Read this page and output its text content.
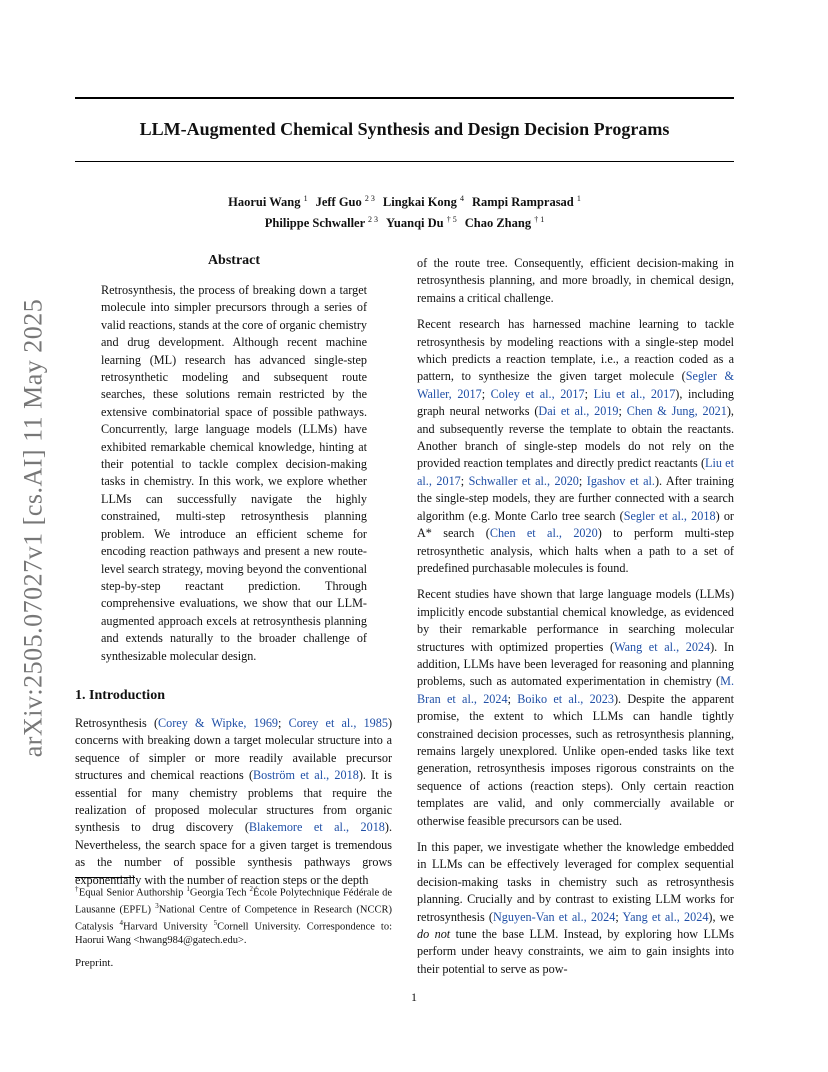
arXiv:2505.07027v1 [cs.AI] 11 May 2025
LLM-Augmented Chemical Synthesis and Design Decision Programs
Haorui Wang $^1$ Jeff Guo $^{2 3}$ Lingkai Kong $^4$ Rampi Ramprasad $^1$
Philippe Schwaller $^{2 3}$ Yuanqi Du $^{\dagger 5}$ Chao Zhang $^{\dagger 1}$
Abstract
Retrosynthesis, the process of breaking down a target molecule into simpler precursors through a series of valid reactions, stands at the core of organic chemistry and drug development. Although recent machine learning (ML) research has advanced single-step retrosynthetic modeling and subsequent route searches, these solutions remain restricted by the extensive combinatorial space of possible pathways. Concurrently, large language models (LLMs) have exhibited remarkable chemical knowledge, hinting at their potential to tackle complex decision-making tasks in chemistry. In this work, we explore whether LLMs can successfully navigate the highly constrained, multi-step retrosynthesis planning problem. We introduce an efficient scheme for encoding reaction pathways and present a new route-level search strategy, moving beyond the conventional step-by-step reactant prediction. Through comprehensive evaluations, we show that our LLM-augmented approach excels at retrosynthesis planning and extends naturally to the broader challenge of synthesizable molecular design.
1. Introduction

Retrosynthesis (Corey & Wipke, 1969; Corey et al., 1985) concerns with breaking down a target molecular structure into a sequence of simpler or more readily available precursor structures and chemical reactions (Boström et al., 2018). It is essential for many chemistry problems that require the realization of proposed molecular structures from organic synthesis to drug discovery (Blakemore et al., 2018). Nevertheless, the search space for a given target is tremendous as the number of possible synthesis pathways grows exponentially with the number of reaction steps or the depth

of the route tree. Consequently, efficient decision-making in retrosynthesis planning, and more broadly, in chemical design, remains a critical challenge.

Recent research has harnessed machine learning to tackle retrosynthesis by modeling reactions with a single-step model which predicts a reaction template, i.e., a reaction coded as a pattern, to synthesize the given target molecule (Segler & Waller, 2017; Coley et al., 2017; Liu et al., 2017), including graph neural networks (Dai et al., 2019; Chen & Jung, 2021), and subsequently reverse the template to obtain the reactants. Another branch of single-step models do not rely on the provided reaction templates and directly predict reactants (Liu et al., 2017; Schwaller et al., 2020; Igashov et al.). After training the single-step models, they are further connected with a search algorithm (e.g. Monte Carlo tree search (Segler et al., 2018) or A* search (Chen et al., 2020) to perform multi-step retrosynthetic analysis, which halts when a path to a set of predefined purchasable molecules is found.

Recent studies have shown that large language models (LLMs) implicitly encode substantial chemical knowledge, as evidenced by their remarkable performance in searching molecular structures with optimized properties (Wang et al., 2024). In addition, LLMs have been leveraged for reasoning and planning problems, such as automated experimentation in chemistry (M. Bran et al., 2024; Boiko et al., 2023). Despite the apparent promise, the extent to which LLMs can handle tightly constrained decision processes, such as retrosynthesis planning, remains largely unexplored. Unlike open-ended tasks like text generation, retrosynthesis imposes rigorous constraints on the sequence of actions (reaction steps). Only certain reaction templates are valid, and only commercially available or otherwise feasible precursors can be used.

In this paper, we investigate whether the knowledge embedded in LLMs can be effectively leveraged for complex sequential decision-making tasks in chemistry such as retrosynthesis planning. Crucially and by contrast to existing LLM works for retrosynthesis (Nguyen-Van et al., 2024; Yang et al., 2024), we do not tune the base LLM. Instead, by exploring how LLMs perform under heavy constraints, we aim to gain insights into their potential to serve as pow-

†Equal Senior Authorship $^1$Georgia Tech $^2$École Polytechnique Fédérale de Lausanne (EPFL) $^3$National Centre of Competence in Research (NCCR) Catalysis $^4$Harvard University $^5$Cornell University. Correspondence to: Haorui Wang <hwang984@gatech.edu>.
Preprint.
1
